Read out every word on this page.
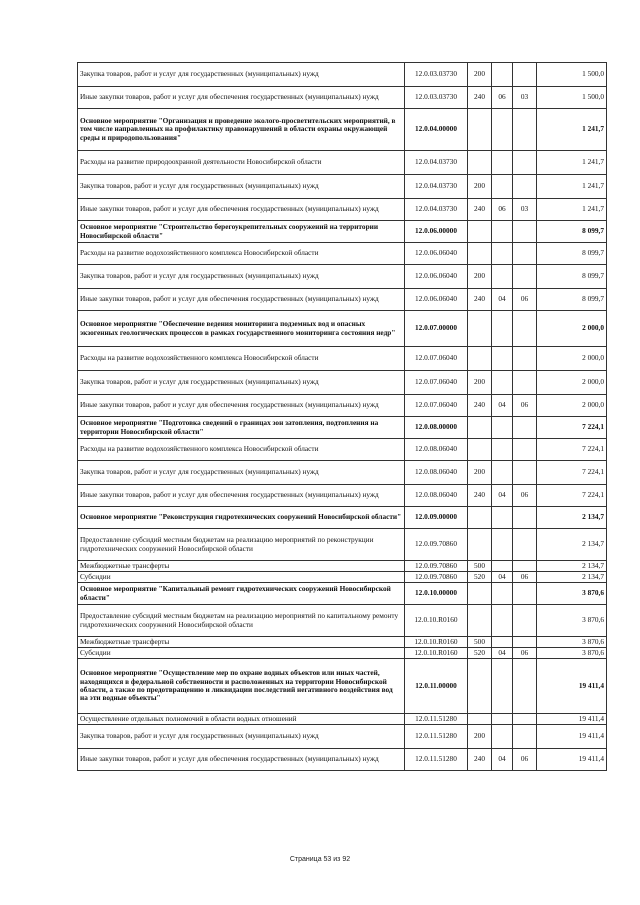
Закупка товаров, работ и услуг для государственных (муниципальных) нужд	12.0.03.03730	200			1 500,0
Иные закупки товаров, работ и услуг для обеспечения государственных (муниципальных) нужд	12.0.03.03730	240	06	03	1 500,0
Основное мероприятие "Организация и проведение эколого-просветительских мероприятий, в том числе направленных на профилактику правонарушений в области охраны окружающей среды и природопользования"	12.0.04.00000				1 241,7
Расходы на развитие природоохранной деятельности Новосибирской области	12.0.04.03730				1 241,7
Закупка товаров, работ и услуг для государственных (муниципальных) нужд	12.0.04.03730	200			1 241,7
Иные закупки товаров, работ и услуг для обеспечения государственных (муниципальных) нужд	12.0.04.03730	240	06	03	1 241,7
Основное мероприятие "Строительство берегоукрепительных сооружений на территории Новосибирской области"	12.0.06.00000				8 099,7
Расходы на развитие водохозяйственного комплекса Новосибирской области	12.0.06.06040				8 099,7
Закупка товаров, работ и услуг для государственных (муниципальных) нужд	12.0.06.06040	200			8 099,7
Иные закупки товаров, работ и услуг для обеспечения государственных (муниципальных) нужд	12.0.06.06040	240	04	06	8 099,7
Основное мероприятие "Обеспечение ведения мониторинга подземных вод и опасных экзогенных геологических процессов в рамках государственного мониторинга состояния недр"	12.0.07.00000				2 000,0
Расходы на развитие водохозяйственного комплекса Новосибирской области	12.0.07.06040				2 000,0
Закупка товаров, работ и услуг для государственных (муниципальных) нужд	12.0.07.06040	200			2 000,0
Иные закупки товаров, работ и услуг для обеспечения государственных (муниципальных) нужд	12.0.07.06040	240	04	06	2 000,0
Основное мероприятие "Подготовка сведений о границах зон затопления, подтопления на территории Новосибирской области"	12.0.08.00000				7 224,1
Расходы на развитие водохозяйственного комплекса Новосибирской области	12.0.08.06040				7 224,1
Закупка товаров, работ и услуг для государственных (муниципальных) нужд	12.0.08.06040	200			7 224,1
Иные закупки товаров, работ и услуг для обеспечения государственных (муниципальных) нужд	12.0.08.06040	240	04	06	7 224,1
Основное мероприятие "Реконструкция гидротехнических сооружений Новосибирской области"	12.0.09.00000				2 134,7
Предоставление субсидий местным бюджетам на реализацию мероприятий по реконструкции гидротехнических сооружений Новосибирской области	12.0.09.70860				2 134,7
Межбюджетные трансферты	12.0.09.70860	500			2 134,7
Субсидии	12.0.09.70860	520	04	06	2 134,7
Основное мероприятие "Капитальный ремонт гидротехнических сооружений Новосибирской области"	12.0.10.00000				3 870,6
Предоставление субсидий местным бюджетам на реализацию мероприятий по капитальному ремонту гидротехнических сооружений Новосибирской области	12.0.10.R0160				3 870,6
Межбюджетные трансферты	12.0.10.R0160	500			3 870,6
Субсидии	12.0.10.R0160	520	04	06	3 870,6
Основное мероприятие "Осуществление мер по охране водных объектов или иных частей, находящихся в федеральной собственности и расположенных на территории Новосибирской области, а также по предотвращению и ликвидации последствий негативного воздействия вод на эти водные объекты"	12.0.11.00000				19 411,4
Осуществление отдельных полномочий в области водных отношений	12.0.11.51280				19 411,4
Закупка товаров, работ и услуг для государственных (муниципальных) нужд	12.0.11.51280	200			19 411,4
Иные закупки товаров, работ и услуг для обеспечения государственных (муниципальных) нужд	12.0.11.51280	240	04	06	19 411,4
Страница 53 из 92
